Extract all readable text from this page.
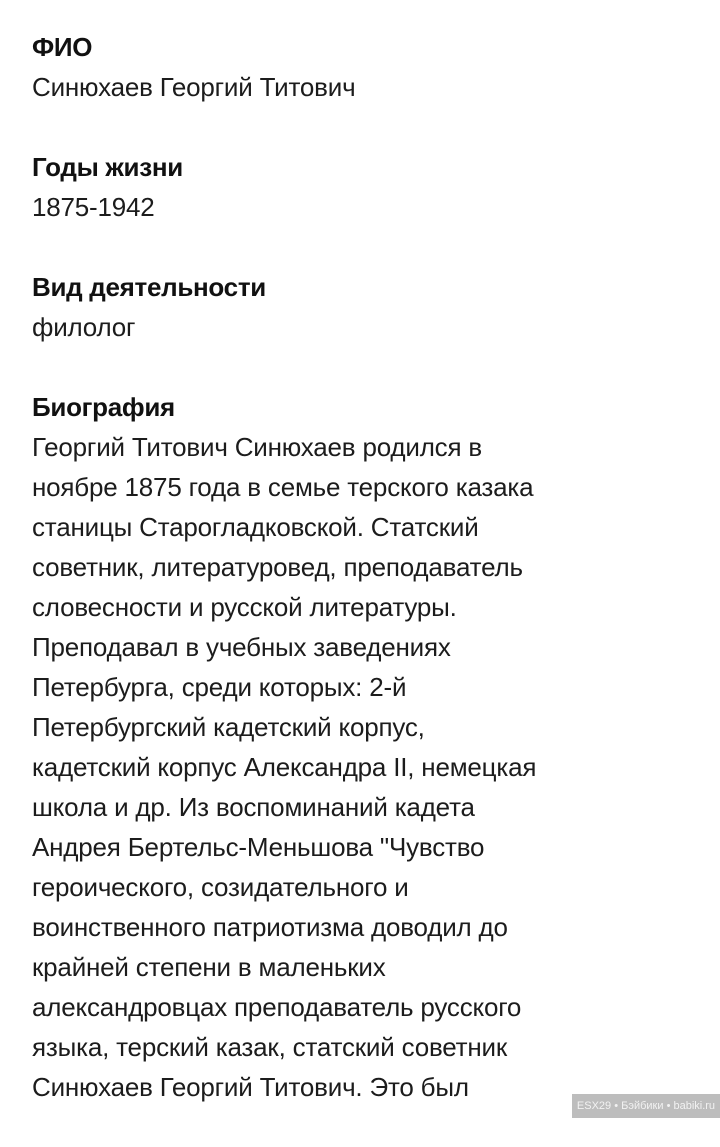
ФИО
Синюхаев Георгий Титович
Годы жизни
1875-1942
Вид деятельности
филолог
Биография
Георгий Титович Синюхаев родился в
ноябре 1875 года в семье терского казака
станицы Старогладковской. Статский
советник, литературовед, преподаватель
словесности и русской литературы.
Преподавал в учебных заведениях
Петербурга, среди которых: 2-й
Петербургский кадетский корпус,
кадетский корпус Александра II, немецкая
школа и др. Из воспоминаний кадета
Андрея Бертельс-Меньшова "Чувство
героического, созидательного и
воинственного патриотизма доводил до
крайней степени в маленьких
александровцах преподаватель русского
языка, терский казак, статский советник
Синюхаев Георгий Титович. Это был
ESX29 • Бэйбики • babiki.ru
